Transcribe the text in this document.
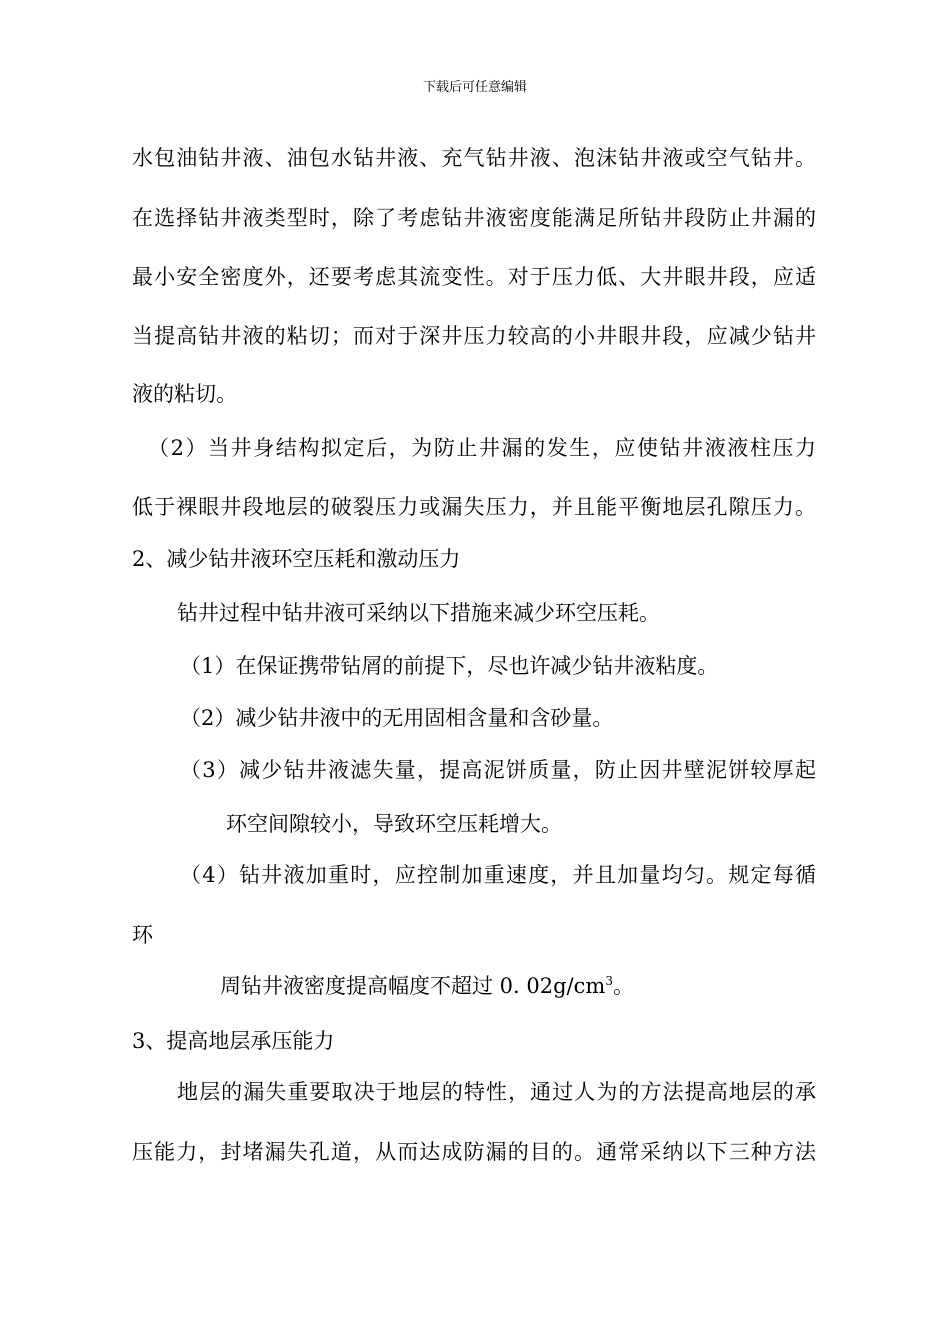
下载后可任意编辑
水包油钻井液、油包水钻井液、充气钻井液、泡沫钻井液或空气钻井。
在选择钻井液类型时，除了考虑钻井液密度能满足所钻井段防止井漏的
最小安全密度外，还要考虑其流变性。对于压力低、大井眼井段，应适
当提高钻井液的粘切；而对于深井压力较高的小井眼井段，应减少钻井
液的粘切。
（2）当井身结构拟定后，为防止井漏的发生，应使钻井液液柱压力
低于裸眼井段地层的破裂压力或漏失压力，并且能平衡地层孔隙压力。
2、减少钻井液环空压耗和激动压力
钻井过程中钻井液可采纳以下措施来减少环空压耗。
（1）在保证携带钻屑的前提下，尽也许减少钻井液粘度。
（2）减少钻井液中的无用固相含量和含砂量。
（3）减少钻井液滤失量，提高泥饼质量，防止因井壁泥饼较厚起
环空间隙较小，导致环空压耗增大。
（4）钻井液加重时，应控制加重速度，并且加量均匀。规定每循
环
周钻井液密度提高幅度不超过 0. $02g/cm^3$。
3、提高地层承压能力
地层的漏失重要取决于地层的特性，通过人为的方法提高地层的承
压能力，封堵漏失孔道，从而达成防漏的目的。通常采纳以下三种方法
